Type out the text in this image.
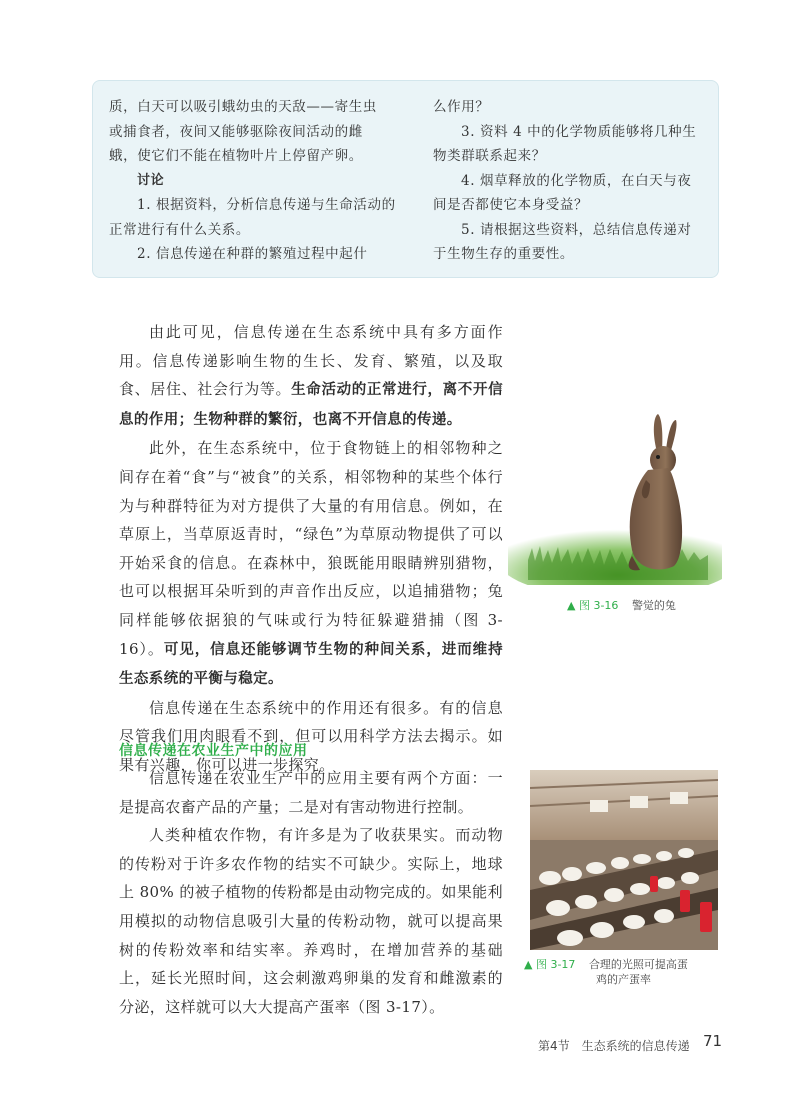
质，白天可以吸引蛾幼虫的天敌——寄生虫

或捕食者，夜间又能够驱除夜间活动的雌

蛾，使它们不能在植物叶片上停留产卵。

讨论

1. 根据资料，分析信息传递与生命活动的正常进行有什么关系。

2. 信息传递在种群的繁殖过程中起什

么作用？

3. 资料 4 中的化学物质能够将几种生物类群联系起来？

4. 烟草释放的化学物质，在白天与夜间是否都使它本身受益？

5. 请根据这些资料，总结信息传递对于生物生存的重要性。

由此可见，信息传递在生态系统中具有多方面作用。信息传递影响生物的生长、发育、繁殖，以及取食、居住、社会行为等。生命活动的正常进行，离不开信息的作用；生物种群的繁衍，也离不开信息的传递。

此外，在生态系统中，位于食物链上的相邻物种之间存在着“食”与“被食”的关系，相邻物种的某些个体行为与种群特征为对方提供了大量的有用信息。例如，在草原上，当草原返青时，“绿色”为草原动物提供了可以开始采食的信息。在森林中，狼既能用眼睛辨别猎物，也可以根据耳朵听到的声音作出反应，以追捕猎物；兔同样能够依据狼的气味或行为特征躲避猎捕（图 3-16）。可见，信息还能够调节生物的种间关系，进而维持生态系统的平衡与稳定。

信息传递在生态系统中的作用还有很多。有的信息尽管我们用肉眼看不到，但可以用科学方法去揭示。如果有兴趣，你可以进一步探究。

信息传递在农业生产中的应用

信息传递在农业生产中的应用主要有两个方面：一是提高农畜产品的产量；二是对有害动物进行控制。

人类种植农作物，有许多是为了收获果实。而动物的传粉对于许多农作物的结实不可缺少。实际上，地球上 80% 的被子植物的传粉都是由动物完成的。如果能利用模拟的动物信息吸引大量的传粉动物，就可以提高果树的传粉效率和结实率。养鸡时，在增加营养的基础上，延长光照时间，这会刺激鸡卵巢的发育和雌激素的分泌，这样就可以大大提高产蛋率（图 3-17）。

▲ 图 3-16 警觉的兔
▲ 图 3-17 合理的光照可提高蛋
鸡的产蛋率
第4节　生态系统的信息传递 71
